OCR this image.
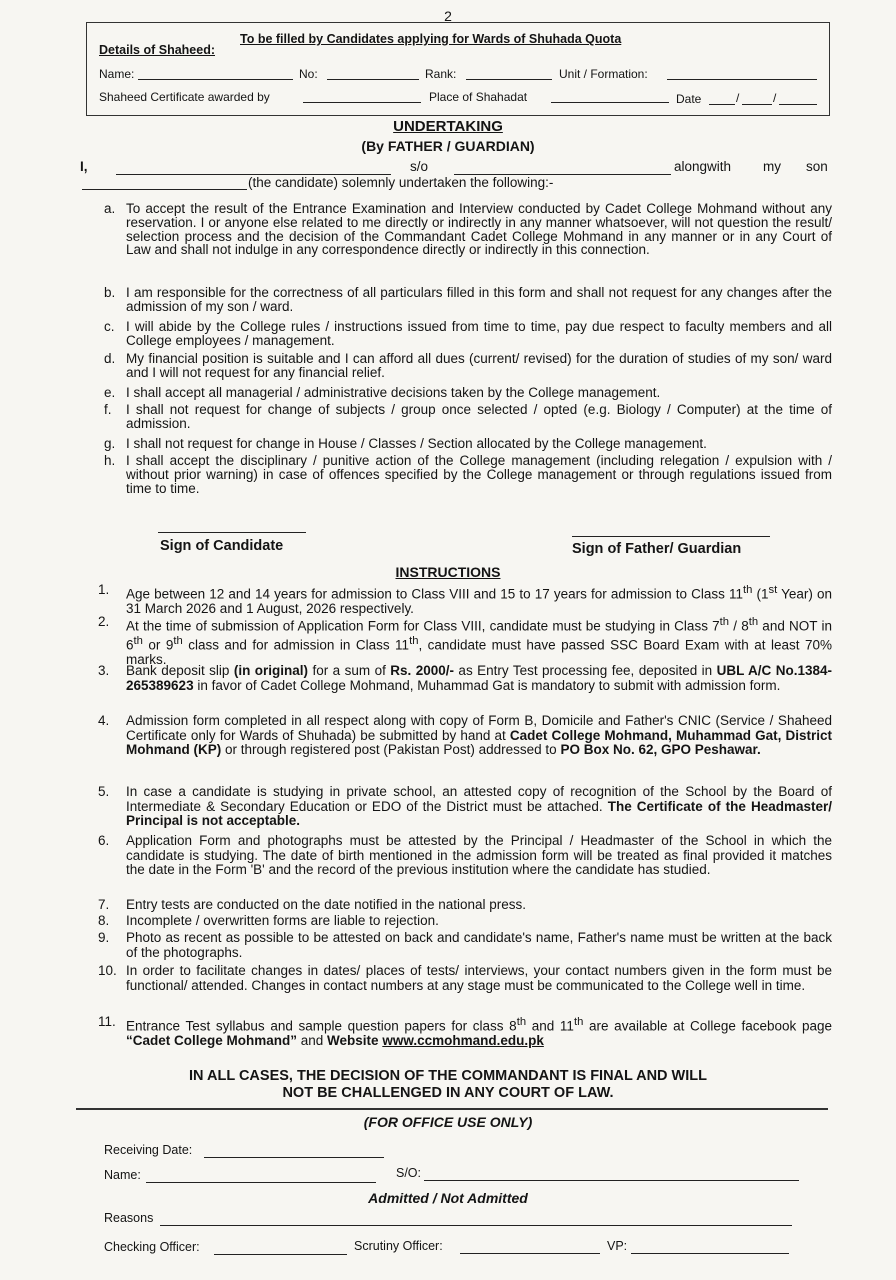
2
To be filled by Candidates applying for Wards of Shuhada Quota
Details of Shaheed:
Name:	No:	Rank:	Unit / Formation:
Shaheed Certificate awarded by	Place of Shahadat	Date	/	/
UNDERTAKING
(By FATHER / GUARDIAN)
I,	s/o	alongwith my son
(the candidate) solemnly undertaken the following:-
a. To accept the result of the Entrance Examination and Interview conducted by Cadet College Mohmand without any reservation. I or anyone else related to me directly or indirectly in any manner whatsoever, will not question the result/ selection process and the decision of the Commandant Cadet College Mohmand in any manner or in any Court of Law and shall not indulge in any correspondence directly or indirectly in this connection.
b. I am responsible for the correctness of all particulars filled in this form and shall not request for any changes after the admission of my son / ward.
c. I will abide by the College rules / instructions issued from time to time, pay due respect to faculty members and all College employees / management.
d. My financial position is suitable and I can afford all dues (current/ revised) for the duration of studies of my son/ ward and I will not request for any financial relief.
e. I shall accept all managerial / administrative decisions taken by the College management.
f. I shall not request for change of subjects / group once selected / opted (e.g. Biology / Computer) at the time of admission.
g. I shall not request for change in House / Classes / Section allocated by the College management.
h. I shall accept the disciplinary / punitive action of the College management (including relegation / expulsion with / without prior warning) in case of offences specified by the College management or through regulations issued from time to time.
Sign of Candidate	Sign of Father/ Guardian
INSTRUCTIONS
1. Age between 12 and 14 years for admission to Class VIII and 15 to 17 years for admission to Class 11th (1st Year) on 31 March 2026 and 1 August, 2026 respectively.
2. At the time of submission of Application Form for Class VIII, candidate must be studying in Class 7th / 8th and NOT in 6th or 9th class and for admission in Class 11th, candidate must have passed SSC Board Exam with at least 70% marks.
3. Bank deposit slip (in original) for a sum of Rs. 2000/- as Entry Test processing fee, deposited in UBL A/C No.1384-265389623 in favor of Cadet College Mohmand, Muhammad Gat is mandatory to submit with admission form.
4. Admission form completed in all respect along with copy of Form B, Domicile and Father's CNIC (Service / Shaheed Certificate only for Wards of Shuhada) be submitted by hand at Cadet College Mohmand, Muhammad Gat, District Mohmand (KP) or through registered post (Pakistan Post) addressed to PO Box No. 62, GPO Peshawar.
5. In case a candidate is studying in private school, an attested copy of recognition of the School by the Board of Intermediate & Secondary Education or EDO of the District must be attached. The Certificate of the Headmaster/ Principal is not acceptable.
6. Application Form and photographs must be attested by the Principal / Headmaster of the School in which the candidate is studying. The date of birth mentioned in the admission form will be treated as final provided it matches the date in the Form 'B' and the record of the previous institution where the candidate has studied.
7. Entry tests are conducted on the date notified in the national press.
8. Incomplete / overwritten forms are liable to rejection.
9. Photo as recent as possible to be attested on back and candidate's name, Father's name must be written at the back of the photographs.
10. In order to facilitate changes in dates/ places of tests/ interviews, your contact numbers given in the form must be functional/ attended. Changes in contact numbers at any stage must be communicated to the College well in time.
11. Entrance Test syllabus and sample question papers for class 8th and 11th are available at College facebook page “Cadet College Mohmand” and Website www.ccmohmand.edu.pk
IN ALL CASES, THE DECISION OF THE COMMANDANT IS FINAL AND WILL
NOT BE CHALLENGED IN ANY COURT OF LAW.
(FOR OFFICE USE ONLY)
Receiving Date:
Name:	S/O:
Admitted / Not Admitted
Reasons
Checking Officer:	Scrutiny Officer:	VP:
